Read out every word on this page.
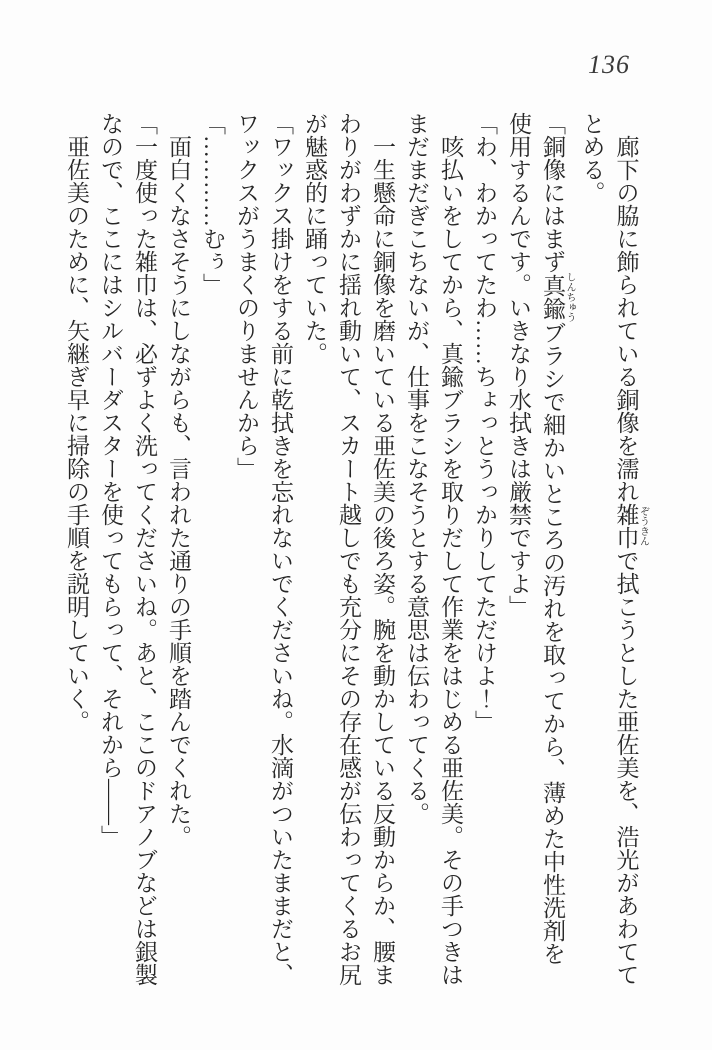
136

廊下の脇に飾られている銅像を濡れ雑巾 ぞうきんで拭こうとした亜佐美を、浩光があわててとめる。

「銅像にはまず真鍮 しんちゅうブラシで細かいところの汚れを取ってから、薄めた中性洗剤を使用するんです。いきなり水拭きは厳禁ですよ」

「わ、わかってたわ……ちょっとうっかりしてただけよ！」

咳払いをしてから、真鍮ブラシを取りだして作業をはじめる亜佐美。その手つきはまだまだぎこちないが、仕事をこなそうとする意思は伝わってくる。

一生懸命に銅像を磨いている亜佐美の後ろ姿。腕を動かしている反動からか、腰まわりがわずかに揺れ動いて、スカート越しでも充分にその存在感が伝わってくるお尻が魅惑的に踊っていた。

「ワックス掛けをする前に乾拭きを忘れないでくださいね。水滴がついたままだと、ワックスがうまくのりませんから」

「…………むぅ」

面白くなさそうにしながらも、言われた通りの手順を踏んでくれた。

「一度使った雑巾は、必ずよく洗ってくださいね。あと、ここのドアノブなどは銀製なので、ここにはシルバーダスターを使ってもらって、それから――」

亜佐美のために、矢継ぎ早に掃除の手順を説明していく。
